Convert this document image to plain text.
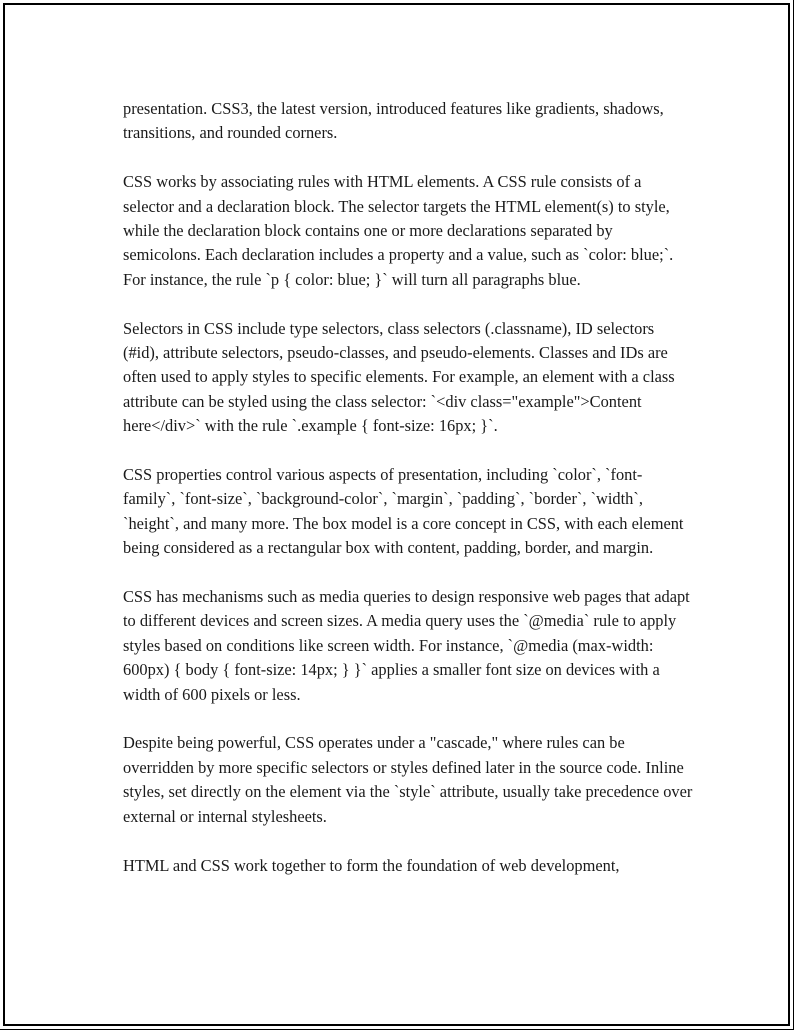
presentation. CSS3, the latest version, introduced features like gradients, shadows, transitions, and rounded corners.

CSS works by associating rules with HTML elements. A CSS rule consists of a selector and a declaration block. The selector targets the HTML element(s) to style, while the declaration block contains one or more declarations separated by semicolons. Each declaration includes a property and a value, such as `color: blue;`. For instance, the rule `p { color: blue; }` will turn all paragraphs blue.

Selectors in CSS include type selectors, class selectors (.classname), ID selectors (#id), attribute selectors, pseudo-classes, and pseudo-elements. Classes and IDs are often used to apply styles to specific elements. For example, an element with a class attribute can be styled using the class selector: `<div class="example">Content here</div>` with the rule `.example { font-size: 16px; }`.

CSS properties control various aspects of presentation, including `color`, `font-family`, `font-size`, `background-color`, `margin`, `padding`, `border`, `width`, `height`, and many more. The box model is a core concept in CSS, with each element being considered as a rectangular box with content, padding, border, and margin.

CSS has mechanisms such as media queries to design responsive web pages that adapt to different devices and screen sizes. A media query uses the `@media` rule to apply styles based on conditions like screen width. For instance, `@media (max-width: 600px) { body { font-size: 14px; } }` applies a smaller font size on devices with a width of 600 pixels or less.

Despite being powerful, CSS operates under a "cascade," where rules can be overridden by more specific selectors or styles defined later in the source code. Inline styles, set directly on the element via the `style` attribute, usually take precedence over external or internal stylesheets.

HTML and CSS work together to form the foundation of web development,
